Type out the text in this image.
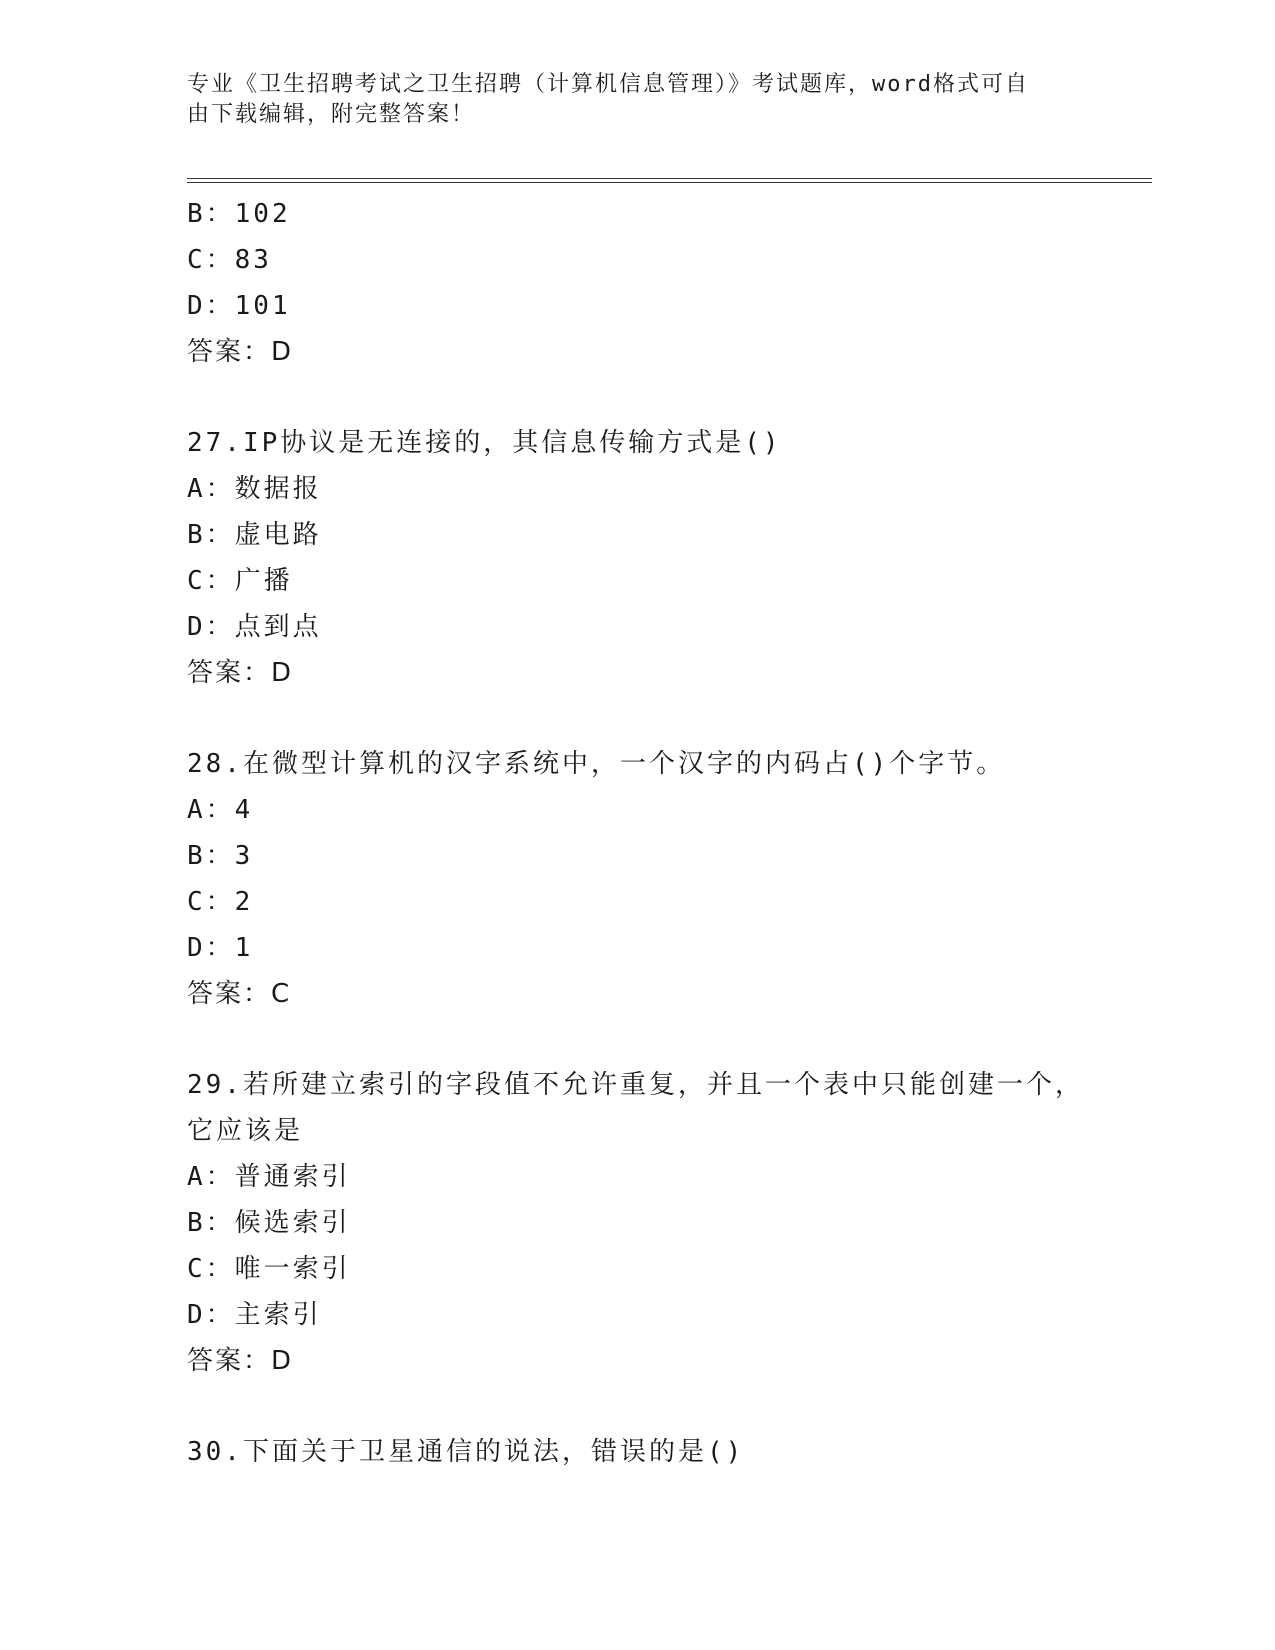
专业《卫生招聘考试之卫生招聘（计算机信息管理）》考试题库，word格式可自
由下载编辑，附完整答案！
B：102
C：83
D：101
答案：D
27.IP协议是无连接的，其信息传输方式是()
A：数据报
B：虚电路
C：广播
D：点到点
答案：D
28.在微型计算机的汉字系统中，一个汉字的内码占()个字节。
A：4
B：3
C：2
D：1
答案：C
29.若所建立索引的字段值不允许重复，并且一个表中只能创建一个，
它应该是
A：普通索引
B：候选索引
C：唯一索引
D：主索引
答案：D
30.下面关于卫星通信的说法，错误的是()
